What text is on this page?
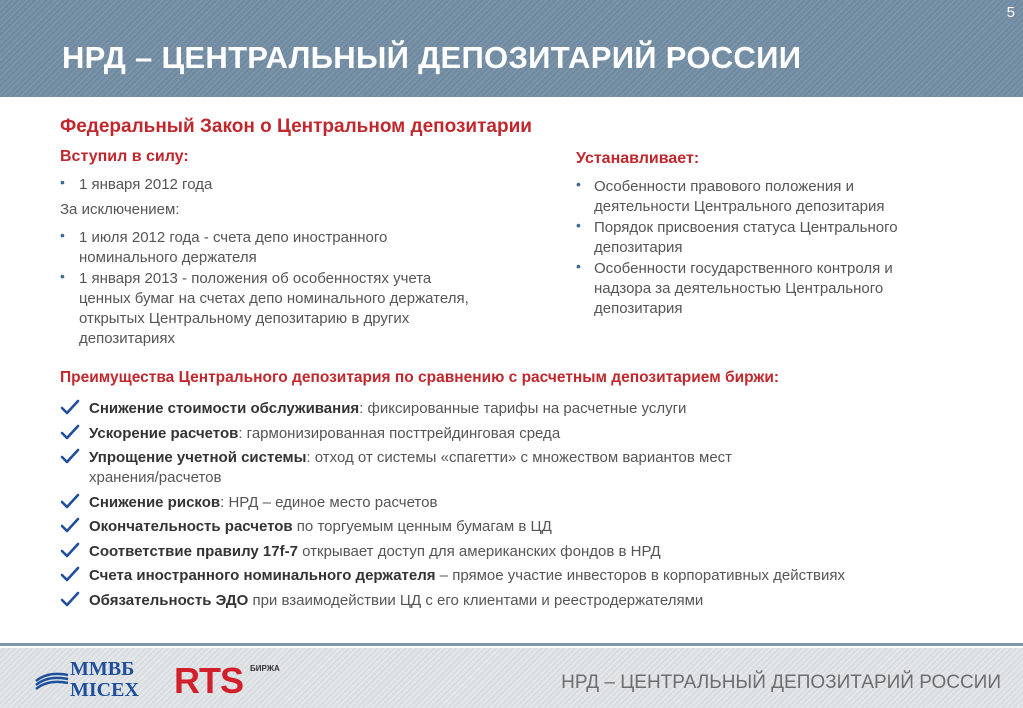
НРД – ЦЕНТРАЛЬНЫЙ ДЕПОЗИТАРИЙ РОССИИ
5
Федеральный Закон о Центральном депозитарии
Вступил в силу:
• 1 января 2012 года
За исключением:
• 1 июля 2012 года - счета депо иностранного
номинального держателя
• 1 января 2013 - положения об особенностях учета
ценных бумаг на счетах депо номинального держателя,
открытых Центральному депозитарию в других
депозитариях
Устанавливает:
• Особенности правового положения и
деятельности Центрального депозитария
• Порядок присвоения статуса Центрального
депозитария
• Особенности государственного контроля и
надзора за деятельностью Центрального
депозитария
Преимущества Центрального депозитария по сравнению с расчетным депозитарием биржи:
Снижение стоимости обслуживания: фиксированные тарифы на расчетные услуги
Ускорение расчетов: гармонизированная посттрейдинговая среда
Упрощение учетной системы: отход от системы «спагетти» с множеством вариантов мест
хранения/расчетов
Снижение рисков: НРД – единое место расчетов
Окончательность расчетов по торгуемым ценным бумагам в ЦД
Соответствие правилу 17f-7 открывает доступ для американских фондов в НРД
Счета иностранного номинального держателя – прямое участие инвесторов в корпоративных действиях
Обязательность ЭДО при взаимодействии ЦД с его клиентами и реестродержателями
ММВБ
MICEX RTS БИРЖА
НРД – ЦЕНТРАЛЬНЫЙ ДЕПОЗИТАРИЙ РОССИИ
